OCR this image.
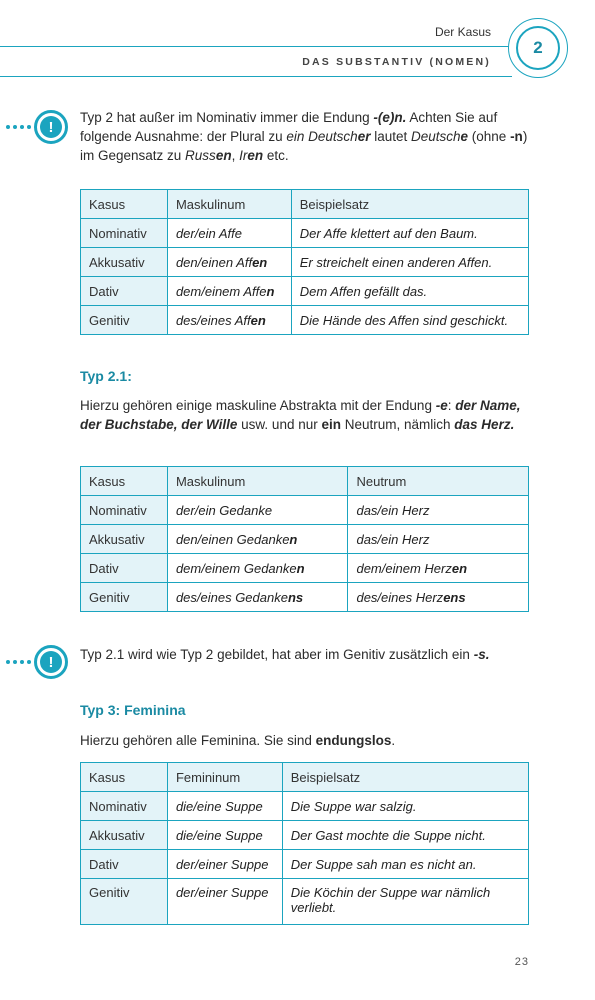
Der Kasus
DAS SUBSTANTIV (NOMEN)
2
!
Typ 2 hat außer im Nominativ immer die Endung -(e)n. Achten Sie auf folgende Ausnahme: der Plural zu ein Deutscher lautet Deutsche (ohne -n) im Gegensatz zu Russen, Iren etc.
Kasus	Maskulinum	Beispielsatz
Nominativ	der/ein Affe	Der Affe klettert auf den Baum.
Akkusativ	den/einen Affen	Er streichelt einen anderen Affen.
Dativ	dem/einem Affen	Dem Affen gefällt das.
Genitiv	des/eines Affen	Die Hände des Affen sind geschickt.
Typ 2.1:
Hierzu gehören einige maskuline Abstrakta mit der Endung -e: der Name, der Buchstabe, der Wille usw. und nur ein Neutrum, nämlich das Herz.
Kasus	Maskulinum	Neutrum
Nominativ	der/ein Gedanke	das/ein Herz
Akkusativ	den/einen Gedanken	das/ein Herz
Dativ	dem/einem Gedanken	dem/einem Herzen
Genitiv	des/eines Gedankens	des/eines Herzens
!	Typ 2.1 wird wie Typ 2 gebildet, hat aber im Genitiv zusätzlich ein -s.
Typ 3: Feminina
Hierzu gehören alle Feminina. Sie sind endungslos.
Kasus	Femininum	Beispielsatz
Nominativ	die/eine Suppe	Die Suppe war salzig.
Akkusativ	die/eine Suppe	Der Gast mochte die Suppe nicht.
Dativ	der/einer Suppe	Der Suppe sah man es nicht an.
Genitiv	der/einer Suppe	Die Köchin der Suppe war nämlich verliebt.
23
